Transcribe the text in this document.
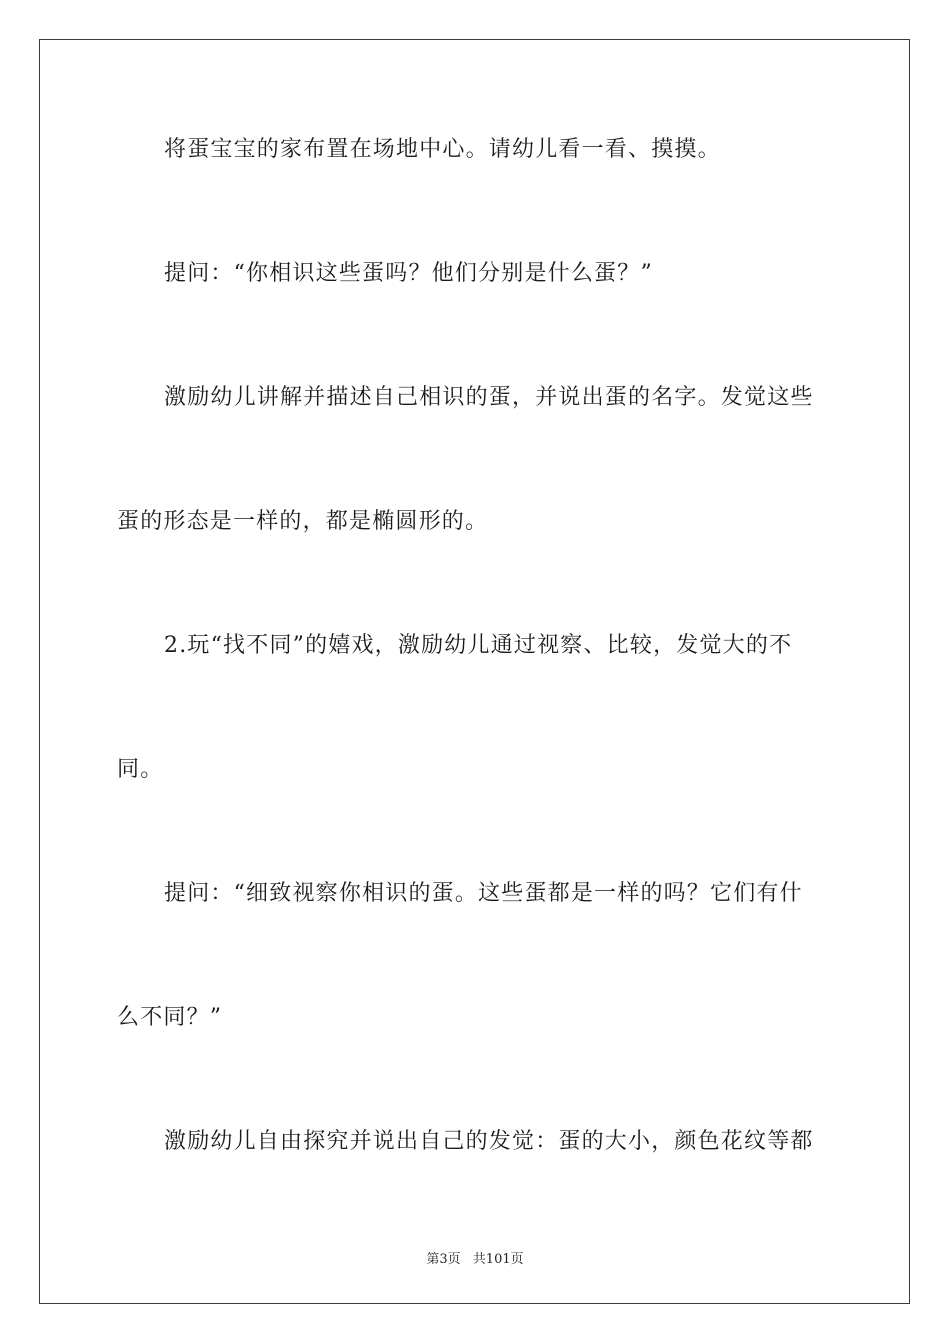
将蛋宝宝的家布置在场地中心。请幼儿看一看、摸摸。
提问：“你相识这些蛋吗？他们分别是什么蛋？”
激励幼儿讲解并描述自己相识的蛋，并说出蛋的名字。发觉这些
蛋的形态是一样的，都是椭圆形的。
2.玩“找不同”的嬉戏，激励幼儿通过视察、比较，发觉大的不
同。
提问：“细致视察你相识的蛋。这些蛋都是一样的吗？它们有什
么不同？”
激励幼儿自由探究并说出自己的发觉：蛋的大小，颜色花纹等都
第3页 共101页
